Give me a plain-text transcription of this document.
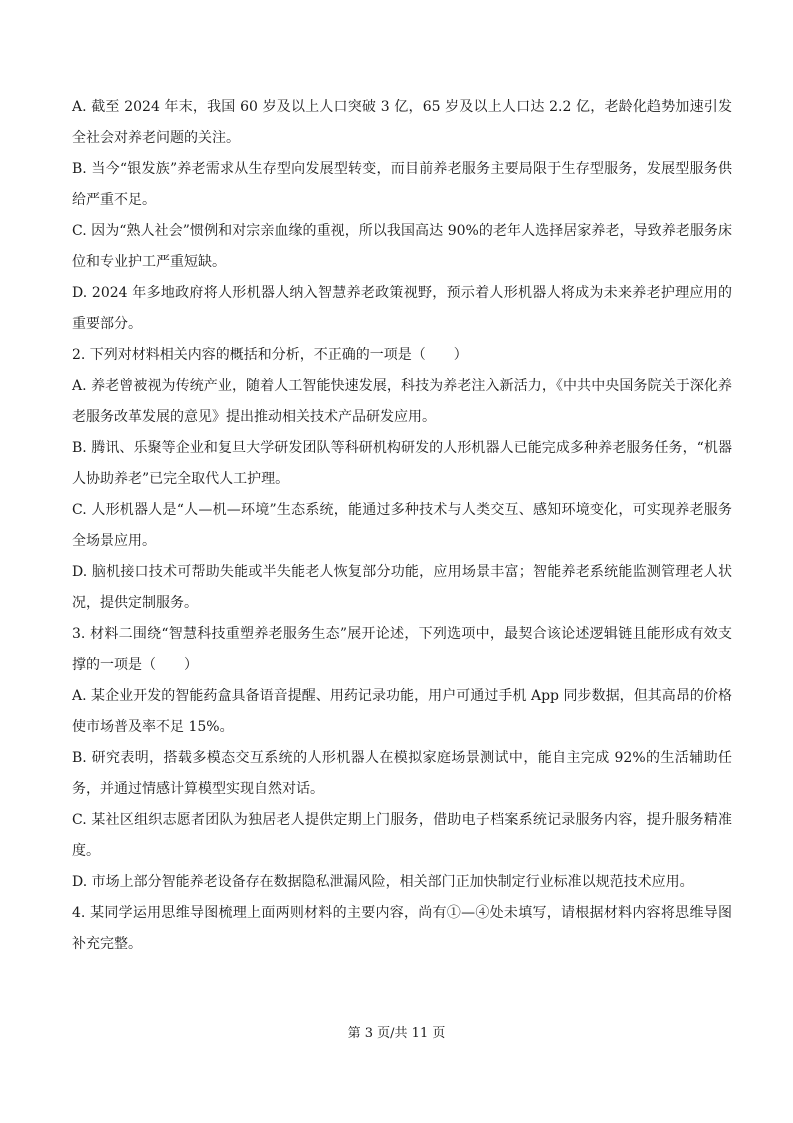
A. 截至 2024 年末，我国 60 岁及以上人口突破 3 亿，65 岁及以上人口达 2.2 亿，老龄化趋势加速引发全社会对养老问题的关注。

B. 当今“银发族”养老需求从生存型向发展型转变，而目前养老服务主要局限于生存型服务，发展型服务供给严重不足。

C. 因为“熟人社会”惯例和对宗亲血缘的重视，所以我国高达 90%的老年人选择居家养老，导致养老服务床位和专业护工严重短缺。

D. 2024 年多地政府将人形机器人纳入智慧养老政策视野，预示着人形机器人将成为未来养老护理应用的重要部分。

2. 下列对材料相关内容的概括和分析，不正确的一项是（　　）

A. 养老曾被视为传统产业，随着人工智能快速发展，科技为养老注入新活力，《中共中央国务院关于深化养老服务改革发展的意见》提出推动相关技术产品研发应用。

B. 腾讯、乐聚等企业和复旦大学研发团队等科研机构研发的人形机器人已能完成多种养老服务任务，“机器人协助养老”已完全取代人工护理。

C. 人形机器人是“人—机—环境”生态系统，能通过多种技术与人类交互、感知环境变化，可实现养老服务全场景应用。

D. 脑机接口技术可帮助失能或半失能老人恢复部分功能，应用场景丰富；智能养老系统能监测管理老人状况，提供定制服务。

3. 材料二围绕“智慧科技重塑养老服务生态”展开论述，下列选项中，最契合该论述逻辑链且能形成有效支撑的一项是（　　）

A. 某企业开发的智能药盒具备语音提醒、用药记录功能，用户可通过手机 App 同步数据，但其高昂的价格使市场普及率不足 15%。

B. 研究表明，搭载多模态交互系统的人形机器人在模拟家庭场景测试中，能自主完成 92%的生活辅助任务，并通过情感计算模型实现自然对话。

C. 某社区组织志愿者团队为独居老人提供定期上门服务，借助电子档案系统记录服务内容，提升服务精准度。

D. 市场上部分智能养老设备存在数据隐私泄漏风险，相关部门正加快制定行业标准以规范技术应用。

4. 某同学运用思维导图梳理上面两则材料的主要内容，尚有①—④处未填写，请根据材料内容将思维导图补充完整。

第 3 页/共 11 页
